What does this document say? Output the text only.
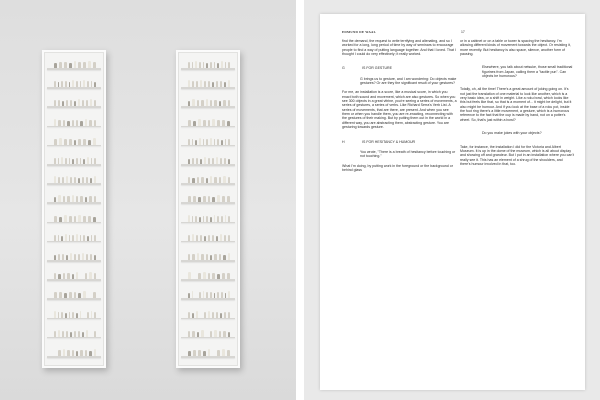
EDMUND DE WAAL	17

find the demand, the request to write terrifying and alienating, and so I worked for a long, long period of time by way of seminars to encourage people to find a way of putting language together. And that I loved. That I thought I could do very effectively; it really worked.

G	IS FOR GESTURE

G brings us to gesture, and I am wondering: Do objects make gestures? Or are they the significant result of your gestures?

For me, an installation is a score, like a musical score, in which you enact both sound and movement, which are also gestures. So when you see 300 objects in a great vitrine, you're seeing a series of movements, a series of gestures, a series of verbs. Like Richard Serra's Verb List. A series of movements, that are there, are present. And when you see them or when you handle them, you are re-enacting, reconnecting with the gestures of their making. But by putting them out in the world in a different way, you are abstracting them, abstracting gesture. You are gesturing towards gesture.

H	IS FOR HESITANCY & HUMOUR

You wrote, "There is a breath of hesitancy before touching or not touching."

What I'm doing, by putting work in the foreground or the background or behind glass

or in a cabinet or on a table or tower is spacing the hesitancy. I'm allowing different kinds of movement towards the object. Or resisting it, more recently. But hesitancy is also space, silence, another form of pausing.

Elsewhere, you talk about netsuke, those small traditional figurines from Japan, calling them a "tactile pun". Can objects be humorous?

Totally, oh, all the time! There's a great amount of joking going on. It's not just the translation of one material to look like another, which is a very basic idea, or a shift in weight. Like a roku bowl, which looks like this but feels like that, so that is a moment of... it might be delight, but it also might be humour. And if you look at the base of a roku pot, inside the foot ring there's a little movement, a gesture, which is a humorous reference to the fact that the cup is made by hand, not on a potter's wheel. So, that's just within a bowl?

Do you make jokes with your objects?

Take, for instance, the installation I did for the Victoria and Albert Museum. It is up in the dome of the museum, which is all about display and showing off and grandeur. But I put in an installation where you can't really see it. This has an element of a shrug of the shoulders, and there's humour involved in that, too.
